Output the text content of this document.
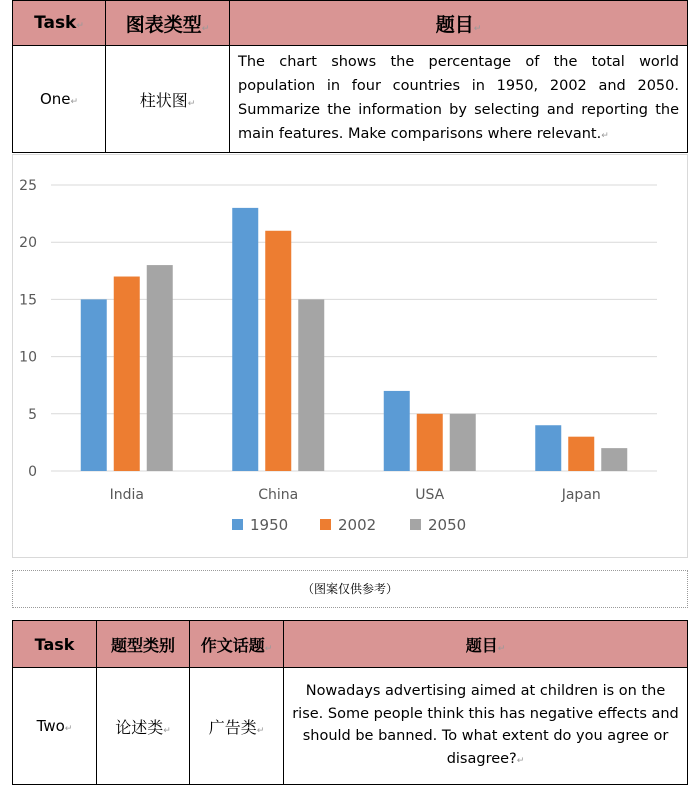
Task↵	图表类型↵	题目↵
One↵	柱状图↵	The chart shows the percentage of the total world population in four countries in 1950, 2002 and 2050. Summarize the information by selecting and reporting the main features. Make comparisons where relevant.↵
0
5
10
15
20
25
India	China	USA	Japan
1950	2002	2050
（图案仅供参考）
Task	题型类别	作文话题↵	题目↵
Two↵	论述类↵	广告类↵	Nowadays advertising aimed at children is on the rise. Some people think this has negative effects and should be banned. To what extent do you agree or disagree?↵
